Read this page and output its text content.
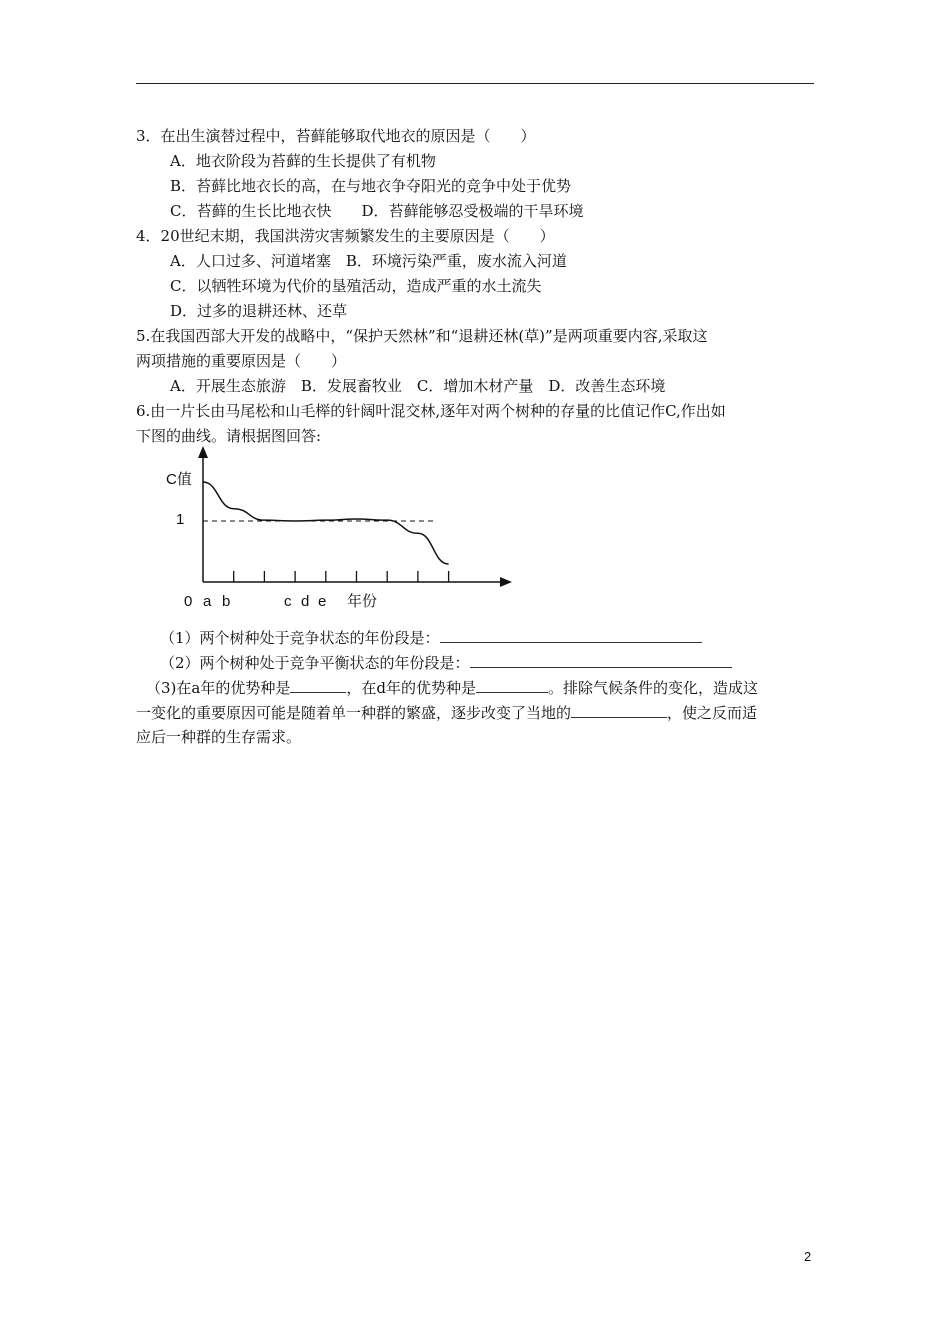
3．在出生演替过程中，苔藓能够取代地衣的原因是（　　）
A．地衣阶段为苔藓的生长提供了有机物
B．苔藓比地衣长的高，在与地衣争夺阳光的竞争中处于优势
C．苔藓的生长比地衣快　　D．苔藓能够忍受极端的干旱环境
4．20世纪末期，我国洪涝灾害频繁发生的主要原因是（　　）
A．人口过多、河道堵塞　B．环境污染严重，废水流入河道
C．以牺牲环境为代价的垦殖活动，造成严重的水土流失
D．过多的退耕还林、还草
5.在我国西部大开发的战略中，“保护天然林”和“退耕还林(草)”是两项重要内容,采取这
两项措施的重要原因是（　　）
A．开展生态旅游　B．发展畜牧业　C．增加木材产量　D．改善生态环境
6.由一片长由马尾松和山毛榉的针阔叶混交林,逐年对两个树种的存量的比值记作C,作出如
下图的曲线。请根据图回答:
C值
1
0 a b	c d e 年份
（1）两个树种处于竞争状态的年份段是：
（2）两个树种处于竞争平衡状态的年份段是：
（3)在a年的优势种是	，在d年的优势种是	。排除气候条件的变化，造成这
一变化的重要原因可能是随着单一种群的繁盛，逐步改变了当地的	，使之反而适
应后一种群的生存需求。
2
